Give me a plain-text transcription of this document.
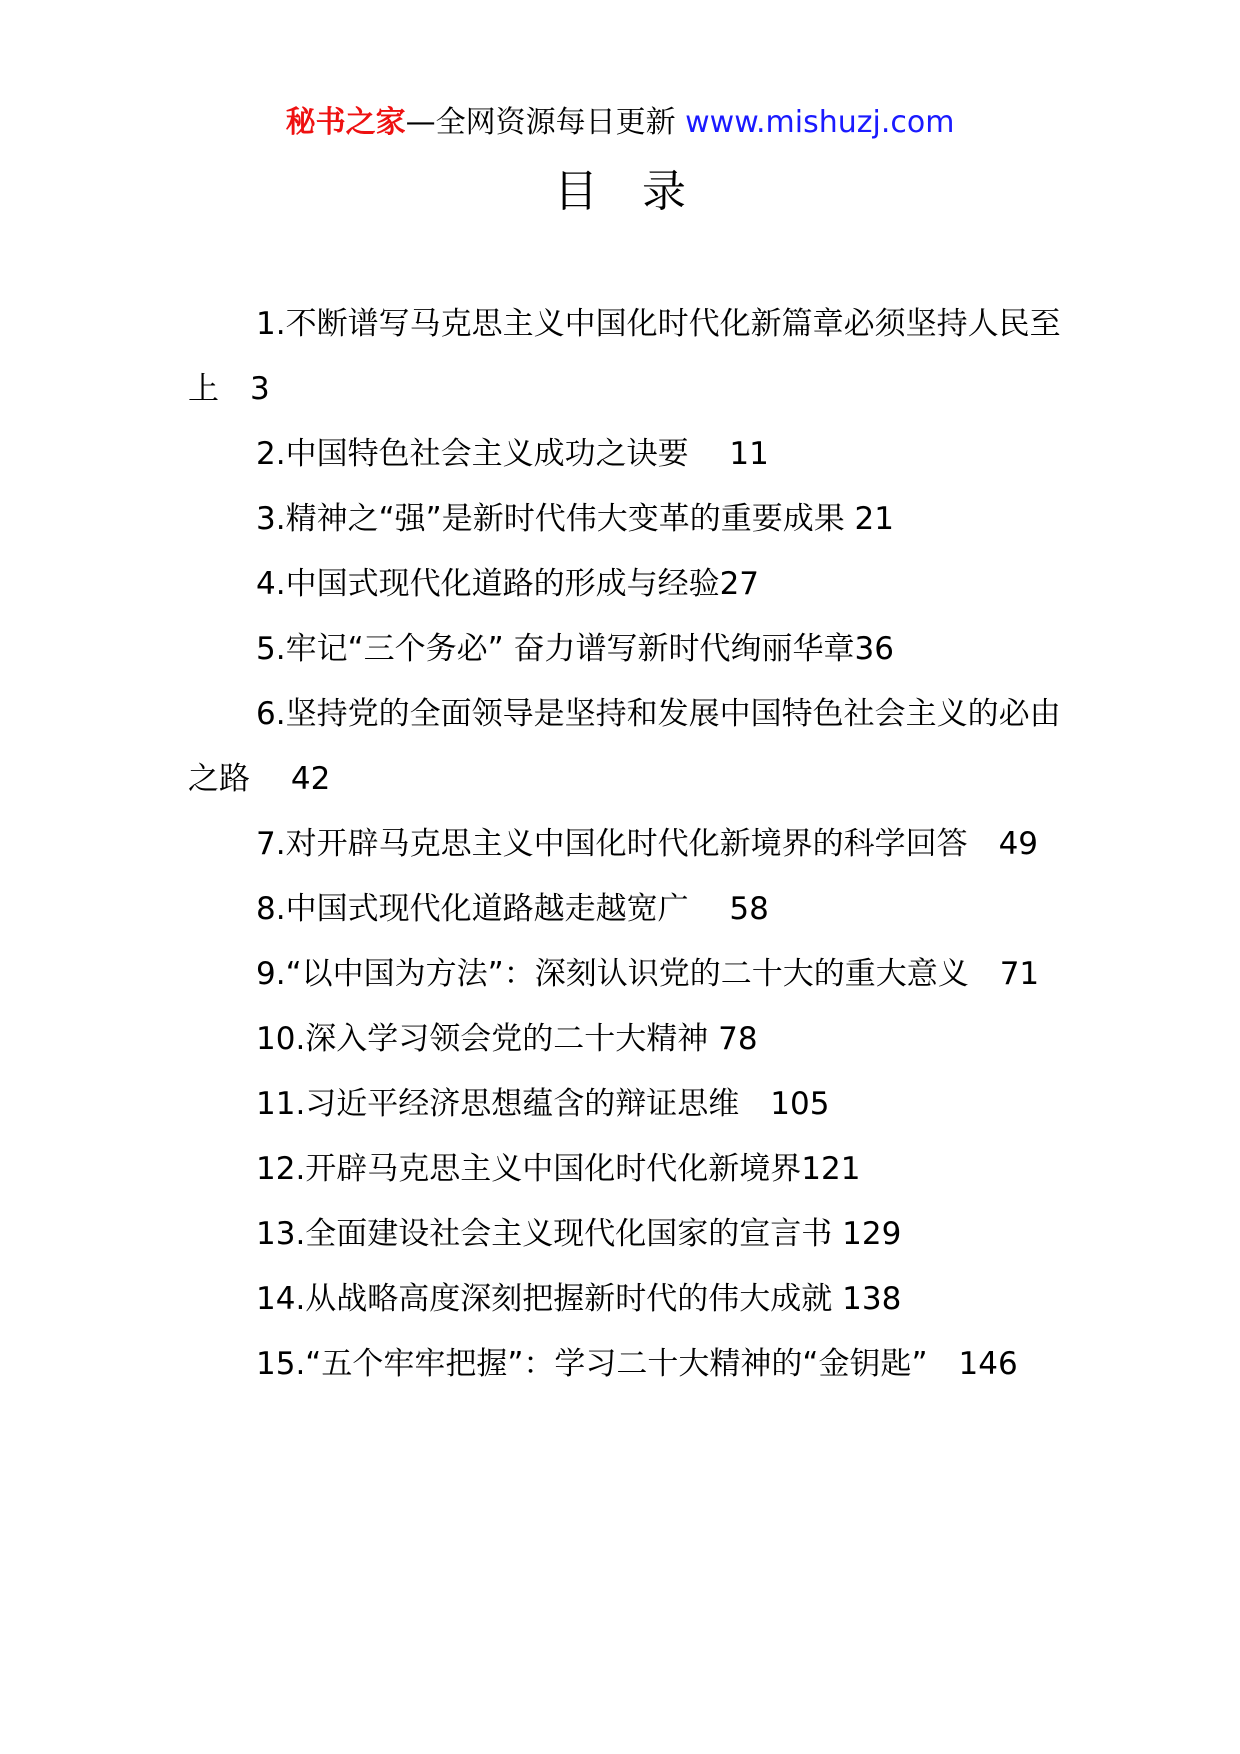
秘书之家—全网资源每日更新 www.mishuzj.com
目录
1.不断谱写马克思主义中国化时代化新篇章必须坚持人民至上　3
2.中国特色社会主义成功之诀要　 11
3.精神之“强”是新时代伟大变革的重要成果 21
4.中国式现代化道路的形成与经验27
5.牢记“三个务必” 奋力谱写新时代绚丽华章36
6.坚持党的全面领导是坚持和发展中国特色社会主义的必由之路　 42
7.对开辟马克思主义中国化时代化新境界的科学回答　49
8.中国式现代化道路越走越宽广　 58
9.“以中国为方法”：深刻认识党的二十大的重大意义　71
10.深入学习领会党的二十大精神 78
11.习近平经济思想蕴含的辩证思维　105
12.开辟马克思主义中国化时代化新境界121
13.全面建设社会主义现代化国家的宣言书 129
14.从战略高度深刻把握新时代的伟大成就 138
15.“五个牢牢把握”：学习二十大精神的“金钥匙”　146
